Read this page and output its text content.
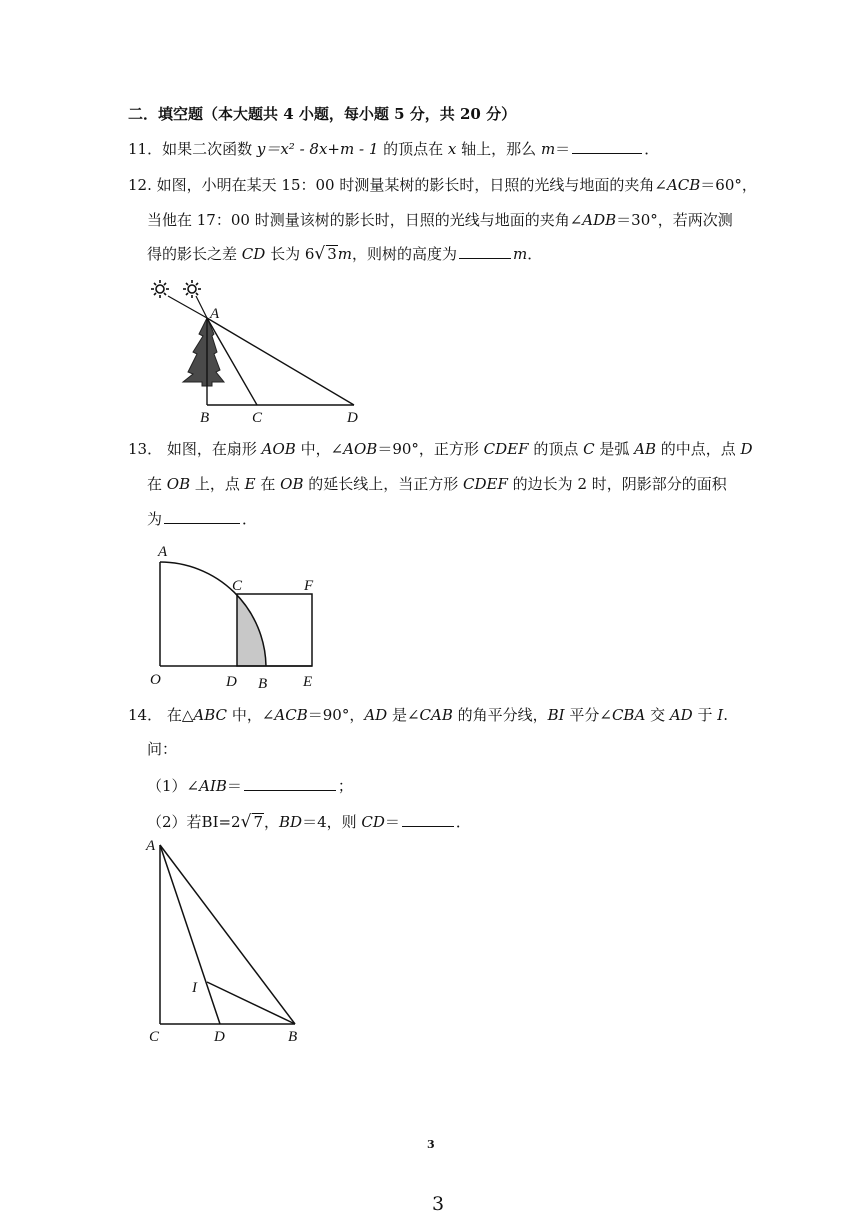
二．填空题（本大题共 4 小题，每小题 5 分，共 20 分）
11．如果二次函数 y＝x² - 8x+m - 1 的顶点在 x 轴上，那么 m＝	．
12. 如图，小明在某天 15：00 时测量某树的影长时，日照的光线与地面的夹角∠ACB＝60°，
当他在 17：00 时测量该树的影长时，日照的光线与地面的夹角∠ADB＝30°，若两次测
得的影长之差 CD 长为 6√ 3m，则树的高度为	m．
A
B	C	D
13． 如图，在扇形 AOB 中，∠AOB＝90°，正方形 CDEF 的顶点 C 是弧 AB 的中点，点 D
在 OB 上，点 E 在 OB 的延长线上，当正方形 CDEF 的边长为 2 时，阴影部分的面积
为	．
A
C	F
O	D B E
14． 在△ABC 中，∠ACB＝90°，AD 是∠CAB 的角平分线，BI 平分∠CBA 交 AD 于 I.
问：
（1）∠AIB＝	；
（2）若BI=2√ 7，BD＝4，则 CD＝	．
A
I
C	D	B
3
3
